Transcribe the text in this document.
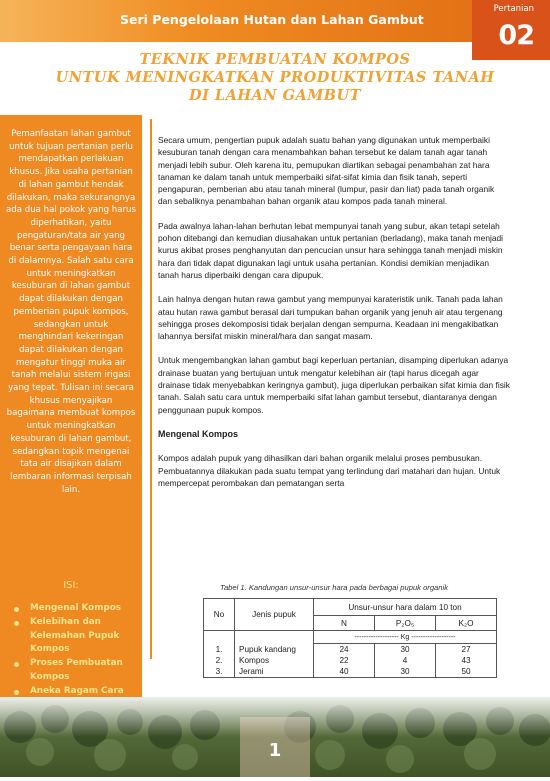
Seri Pengelolaan Hutan dan Lahan Gambut
Pertanian
02
TEKNIK PEMBUATAN KOMPOS
UNTUK MENINGKATKAN PRODUKTIVITAS TANAH
DI LAHAN GAMBUT
Pemanfaatan lahan gambut untuk tujuan pertanian perlu mendapatkan perlakuan khusus. Jika usaha pertanian di lahan gambut hendak dilakukan, maka sekurangnya ada dua hal pokok yang harus diperhatikan, yaitu pengaturan/tata air yang benar serta pengayaan hara di dalamnya. Salah satu cara untuk meningkatkan kesuburan di lahan gambut dapat dilakukan dengan pemberian pupuk kompos, sedangkan untuk menghindari kekeringan dapat dilakukan dengan mengatur tinggi muka air tanah melalui sistem irigasi yang tepat. Tulisan ini secara khusus menyajikan bagaimana membuat kompos untuk meningkatkan kesuburan di lahan gambut, sedangkan topik mengenai tata air disajikan dalam lembaran informasi terpisah lain.
ISI:
Mengenal Kompos
Kelebihan dan Kelemahan Pupuk Kompos
Proses Pembuatan Kompos
Aneka Ragam Cara

Secara umum, pengertian pupuk adalah suatu bahan yang digunakan untuk memperbaiki kesuburan tanah dengan cara menambahkan bahan tersebut ke dalam tanah agar tanah menjadi lebih subur. Oleh karena itu, pemupukan diartikan sebagai penambahan zat hara tanaman ke dalam tanah untuk memperbaiki sifat-sifat kimia dan fisik tanah, seperti pengapuran, pemberian abu atau tanah mineral (lumpur, pasir dan liat) pada tanah organik dan sebaliknya penambahan bahan organik atau kompos pada tanah mineral.

Pada awalnya lahan-lahan berhutan lebat mempunyai tanah yang subur, akan tetapi setelah pohon ditebangi dan kemudian diusahakan untuk pertanian (berladang), maka tanah menjadi kurus akibat proses penghanyutan dan pencucian unsur hara sehingga tanah menjadi miskin hara dan tidak dapat digunakan lagi untuk usaha pertanian. Kondisi demikian menjadikan tanah harus diperbaiki dengan cara dipupuk.

Lain halnya dengan hutan rawa gambut yang mempunyai karateristik unik. Tanah pada lahan atau hutan rawa gambut berasal dari tumpukan bahan organik yang jenuh air atau tergenang sehingga proses dekomposisi tidak berjalan dengan sempurna. Keadaan ini mengakibatkan lahannya bersifat miskin mineral/hara dan sangat masam.

Untuk mengembangkan lahan gambut bagi keperluan pertanian, disamping diperlukan adanya drainase buatan yang bertujuan untuk mengatur kelebihan air (tapi harus dicegah agar drainase tidak menyebabkan keringnya gambut), juga diperlukan perbaikan sifat kimia dan fisik tanah. Salah satu cara untuk memperbaiki sifat lahan gambut tersebut, diantaranya dengan penggunaan pupuk kompos.

Mengenal Kompos

Kompos adalah pupuk yang dihasilkan dari bahan organik melalui proses pembusukan. Pembuatannya dilakukan pada suatu tempat yang terlindung dari matahari dan hujan. Untuk mempercepat perombakan dan pematangan serta

Tabel 1. Kandungan unsur-unsur hara pada berbagai pupuk organik
No	Jenis pupuk	Unsur-unsur hara dalam 10 ton		
		N	P₂O₅	K₂O
		------------------- Kg -------------------		
1.	Pupuk kandang	24	30	27
2.	Kompos	22	4	43
3.	Jerami	40	30	50
1
